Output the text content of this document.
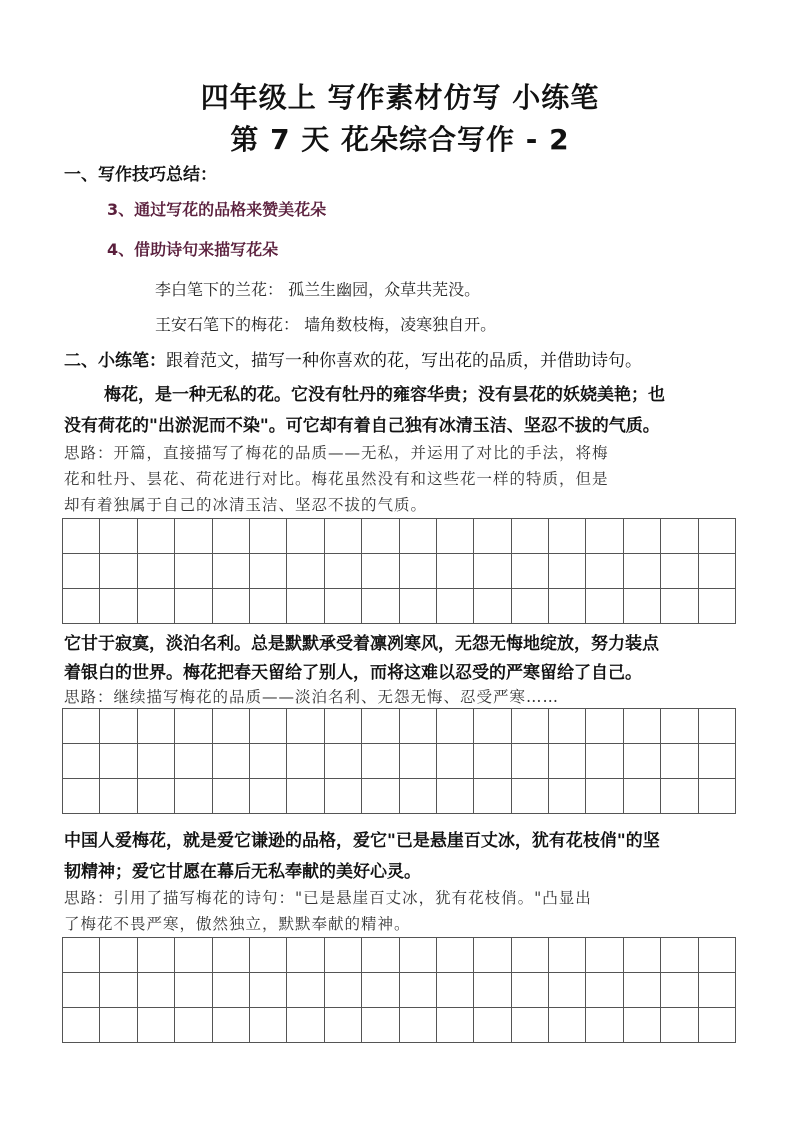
四年级上 写作素材仿写 小练笔
第 7 天 花朵综合写作 - 2
一、写作技巧总结：
3、通过写花的品格来赞美花朵
4、借助诗句来描写花朵
李白笔下的兰花： 孤兰生幽园，众草共芜没。
王安石笔下的梅花： 墙角数枝梅，凌寒独自开。
二、小练笔：跟着范文，描写一种你喜欢的花，写出花的品质，并借助诗句。
梅花，是一种无私的花。它没有牡丹的雍容华贵；没有昙花的妖娆美艳；也
没有荷花的"出淤泥而不染"。可它却有着自己独有冰清玉洁、坚忍不拔的气质。
思路：开篇，直接描写了梅花的品质——无私，并运用了对比的手法，将梅
花和牡丹、昙花、荷花进行对比。梅花虽然没有和这些花一样的特质，但是
却有着独属于自己的冰清玉洁、坚忍不拔的气质。

它甘于寂寞，淡泊名利。总是默默承受着凛冽寒风，无怨无悔地绽放，努力装点
着银白的世界。梅花把春天留给了别人，而将这难以忍受的严寒留给了自己。
思路：继续描写梅花的品质——淡泊名利、无怨无悔、忍受严寒……

中国人爱梅花，就是爱它谦逊的品格，爱它"已是悬崖百丈冰，犹有花枝俏"的坚
韧精神；爱它甘愿在幕后无私奉献的美好心灵。
思路：引用了描写梅花的诗句："已是悬崖百丈冰，犹有花枝俏。"凸显出
了梅花不畏严寒，傲然独立，默默奉献的精神。
